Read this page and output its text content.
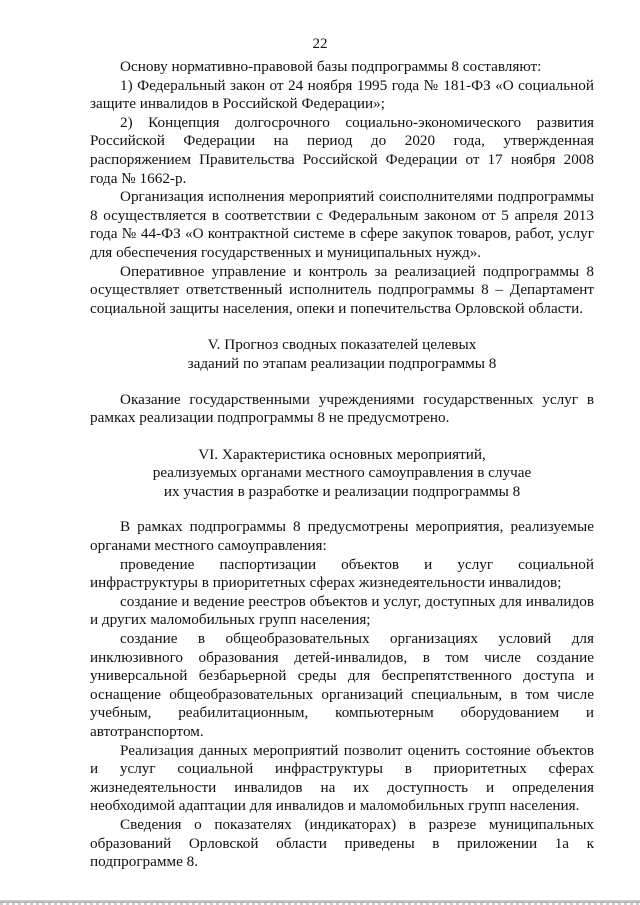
22

Основу нормативно-правовой базы подпрограммы 8 составляют:

1) Федеральный закон от 24 ноября 1995 года № 181-ФЗ «О социальной защите инвалидов в Российской Федерации»;

2) Концепция долгосрочного социально-экономического развития Российской Федерации на период до 2020 года, утвержденная распоряжением Правительства Российской Федерации от 17 ноября 2008 года № 1662-р.

Организация исполнения мероприятий соисполнителями подпрограммы 8 осуществляется в соответствии с Федеральным законом от 5 апреля 2013 года № 44-ФЗ «О контрактной системе в сфере закупок товаров, работ, услуг для обеспечения государственных и муниципальных нужд».

Оперативное управление и контроль за реализацией подпрограммы 8 осуществляет ответственный исполнитель подпрограммы 8 – Департамент социальной защиты населения, опеки и попечительства Орловской области.

V. Прогноз сводных показателей целевых

заданий по этапам реализации подпрограммы 8

Оказание государственными учреждениями государственных услуг в рамках реализации подпрограммы 8 не предусмотрено.

VI. Характеристика основных мероприятий,

реализуемых органами местного самоуправления в случае

их участия в разработке и реализации подпрограммы 8

В рамках подпрограммы 8 предусмотрены мероприятия, реализуемые органами местного самоуправления:

проведение паспортизации объектов и услуг социальной инфраструктуры в приоритетных сферах жизнедеятельности инвалидов;

создание и ведение реестров объектов и услуг, доступных для инвалидов и других маломобильных групп населения;

создание в общеобразовательных организациях условий для инклюзивного образования детей-инвалидов, в том числе создание универсальной безбарьерной среды для беспрепятственного доступа и оснащение общеобразовательных организаций специальным, в том числе учебным, реабилитационным, компьютерным оборудованием и автотранспортом.

Реализация данных мероприятий позволит оценить состояние объектов и услуг социальной инфраструктуры в приоритетных сферах жизнедеятельности инвалидов на их доступность и определения необходимой адаптации для инвалидов и маломобильных групп населения.

Сведения о показателях (индикаторах) в разрезе муниципальных образований Орловской области приведены в приложении 1а к подпрограмме 8.
